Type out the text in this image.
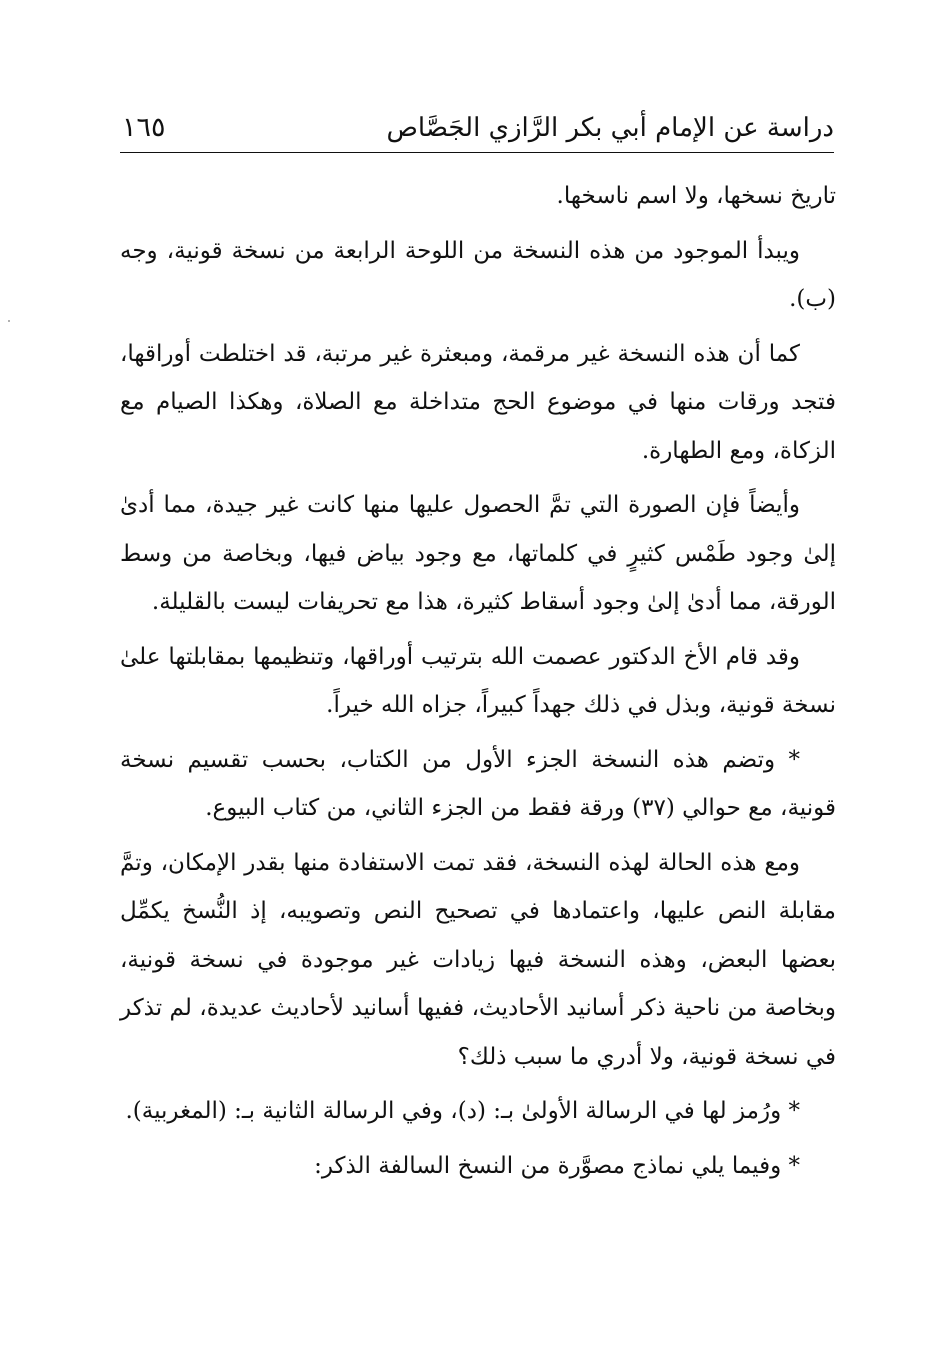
دراسة عن الإمام أبي بكر الرَّازي الجَصَّاص
١٦٥

تاريخ نسخها، ولا اسم ناسخها.

ويبدأ الموجود من هذه النسخة من اللوحة الرابعة من نسخة قونية، وجه (ب).

كما أن هذه النسخة غير مرقمة، ومبعثرة غير مرتبة، قد اختلطت أوراقها، فتجد ورقات منها في موضوع الحج متداخلة مع الصلاة، وهكذا الصيام مع الزكاة، ومع الطهارة.

وأيضاً فإن الصورة التي تمَّ الحصول عليها منها كانت غير جيدة، مما أدىٰ إلىٰ وجود طَمْس كثيرٍ في كلماتها، مع وجود بياض فيها، وبخاصة من وسط الورقة، مما أدىٰ إلىٰ وجود أسقاط كثيرة، هذا مع تحريفات ليست بالقليلة.

وقد قام الأخ الدكتور عصمت الله بترتيب أوراقها، وتنظيمها بمقابلتها علىٰ نسخة قونية، وبذل في ذلك جهداً كبيراً، جزاه الله خيراً.

* وتضم هذه النسخة الجزء الأول من الكتاب، بحسب تقسيم نسخة قونية، مع حوالي (٣٧) ورقة فقط من الجزء الثاني، من كتاب البيوع.

ومع هذه الحالة لهذه النسخة، فقد تمت الاستفادة منها بقدر الإمكان، وتمَّ مقابلة النص عليها، واعتمادها في تصحيح النص وتصويبه، إذ النُّسخ يكمِّل بعضها البعض، وهذه النسخة فيها زيادات غير موجودة في نسخة قونية، وبخاصة من ناحية ذكر أسانيد الأحاديث، ففيها أسانيد لأحاديث عديدة، لم تذكر في نسخة قونية، ولا أدري ما سبب ذلك؟

* ورُمز لها في الرسالة الأولىٰ بـ: (د)، وفي الرسالة الثانية بـ: (المغربية).

* وفيما يلي نماذج مصوَّرة من النسخ السالفة الذكر:
